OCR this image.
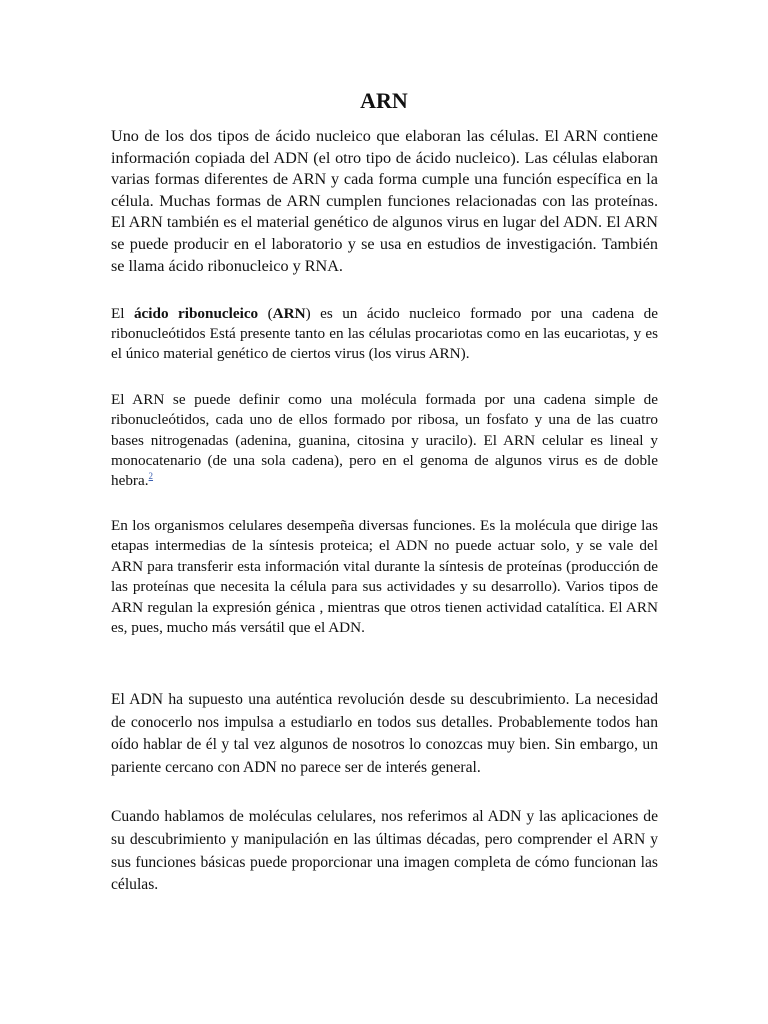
ARN

Uno de los dos tipos de ácido nucleico que elaboran las células. El ARN contiene información copiada del ADN (el otro tipo de ácido nucleico). Las células elaboran varias formas diferentes de ARN y cada forma cumple una función específica en la célula. Muchas formas de ARN cumplen funciones relacionadas con las proteínas. El ARN también es el material genético de algunos virus en lugar del ADN. El ARN se puede producir en el laboratorio y se usa en estudios de investigación. También se llama ácido ribonucleico y RNA.

El ácido ribonucleico (ARN) es un ácido nucleico formado por una cadena de ribonucleótidos Está presente tanto en las células procariotas como en las eucariotas, y es el único material genético de ciertos virus (los virus ARN).

El ARN se puede definir como una molécula formada por una cadena simple de ribonucleótidos, cada uno de ellos formado por ribosa, un fosfato y una de las cuatro bases nitrogenadas (adenina, guanina, citosina y uracilo). El ARN celular es lineal y monocatenario (de una sola cadena), pero en el genoma de algunos virus es de doble hebra.$^2$

En los organismos celulares desempeña diversas funciones. Es la molécula que dirige las etapas intermedias de la síntesis proteica; el ADN no puede actuar solo, y se vale del ARN para transferir esta información vital durante la síntesis de proteínas (producción de las proteínas que necesita la célula para sus actividades y su desarrollo). Varios tipos de ARN regulan la expresión génica , mientras que otros tienen actividad catalítica. El ARN es, pues, mucho más versátil que el ADN.

El ADN ha supuesto una auténtica revolución desde su descubrimiento. La necesidad de conocerlo nos impulsa a estudiarlo en todos sus detalles. Probablemente todos han oído hablar de él y tal vez algunos de nosotros lo conozcas muy bien. Sin embargo, un pariente cercano con ADN no parece ser de interés general.

Cuando hablamos de moléculas celulares, nos referimos al ADN y las aplicaciones de su descubrimiento y manipulación en las últimas décadas, pero comprender el ARN y sus funciones básicas puede proporcionar una imagen completa de cómo funcionan las células.
